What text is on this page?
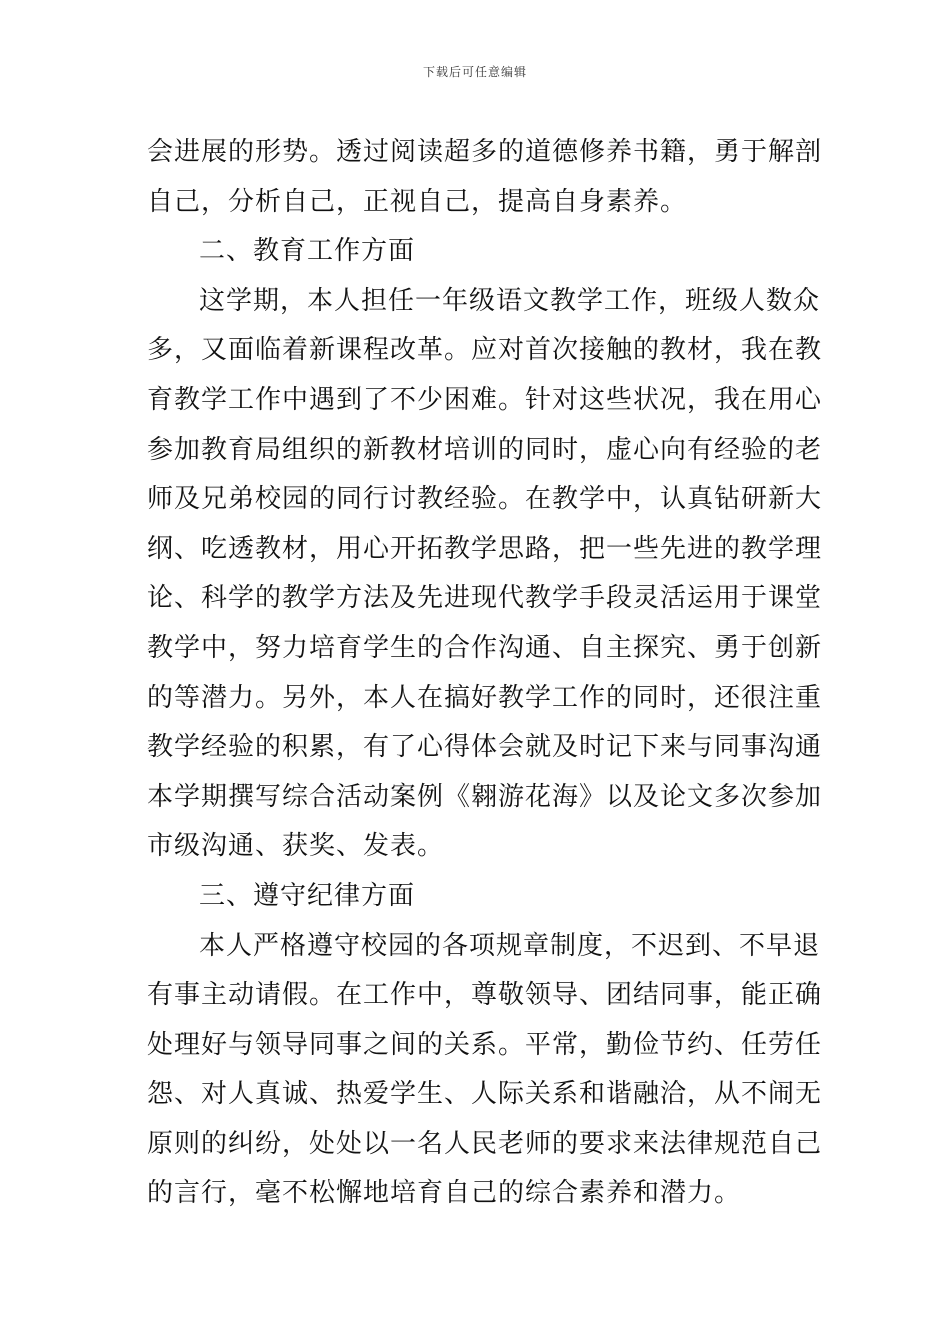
下载后可任意编辑
会进展的形势。透过阅读超多的道德修养书籍，勇于解剖
自己，分析自己，正视自己，提高自身素养。
二、教育工作方面
这学期，本人担任一年级语文教学工作，班级人数众
多，又面临着新课程改革。应对首次接触的教材，我在教
育教学工作中遇到了不少困难。针对这些状况，我在用心
参加教育局组织的新教材培训的同时，虚心向有经验的老
师及兄弟校园的同行讨教经验。在教学中，认真钻研新大
纲、吃透教材，用心开拓教学思路，把一些先进的教学理
论、科学的教学方法及先进现代教学手段灵活运用于课堂
教学中，努力培育学生的合作沟通、自主探究、勇于创新
的等潜力。另外，本人在搞好教学工作的同时，还很注重
教学经验的积累，有了心得体会就及时记下来与同事沟通
本学期撰写综合活动案例《翱游花海》以及论文多次参加
市级沟通、获奖、发表。
三、遵守纪律方面
本人严格遵守校园的各项规章制度，不迟到、不早退
有事主动请假。在工作中，尊敬领导、团结同事，能正确
处理好与领导同事之间的关系。平常，勤俭节约、任劳任
怨、对人真诚、热爱学生、人际关系和谐融洽，从不闹无
原则的纠纷，处处以一名人民老师的要求来法律规范自己
的言行，毫不松懈地培育自己的综合素养和潜力。
